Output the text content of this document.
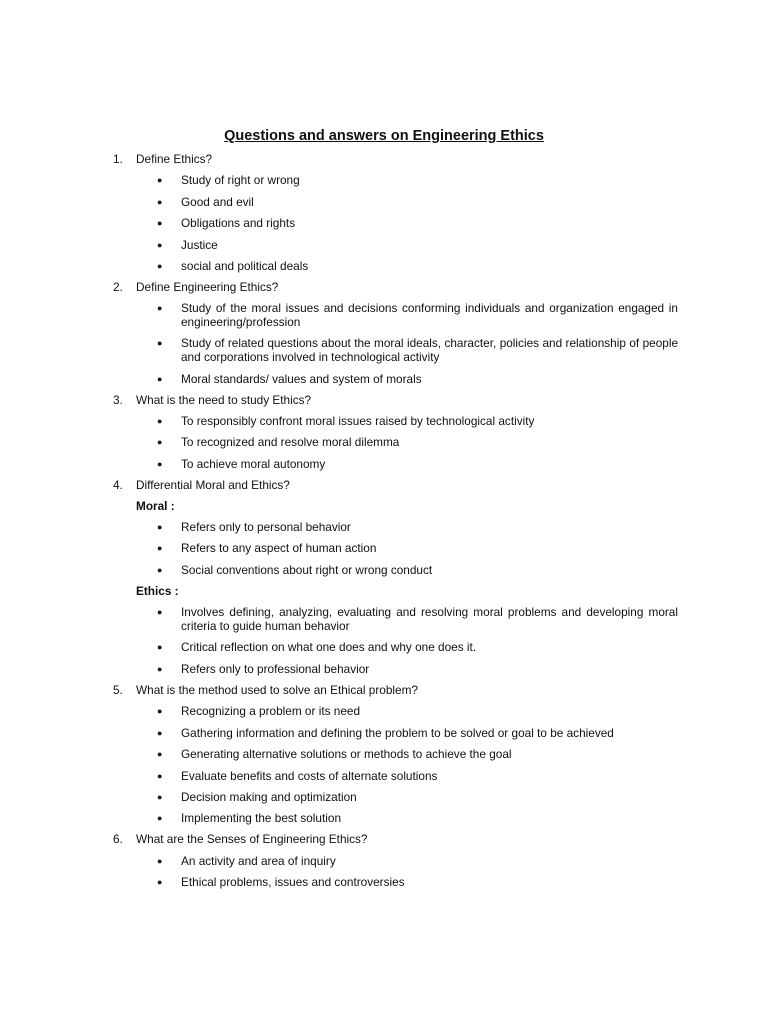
Questions and answers on Engineering Ethics
1.	Define Ethics?
● Study of right or wrong
● Good and evil
● Obligations and rights
● Justice
● social and political deals
2.	Define Engineering Ethics?
● Study of the moral issues and decisions conforming individuals and organization engaged in engineering/profession
● Study of related questions about the moral ideals, character, policies and relationship of people and corporations involved in technological activity
● Moral standards/ values and system of morals
3.	What is the need to study Ethics?
● To responsibly confront moral issues raised by technological activity
● To recognized and resolve moral dilemma
● To achieve moral autonomy
4.	Differential Moral and Ethics?
Moral :
● Refers only to personal behavior
● Refers to any aspect of human action
● Social conventions about right or wrong conduct
Ethics :
● Involves defining, analyzing, evaluating and resolving moral problems and developing moral criteria to guide human behavior
● Critical reflection on what one does and why one does it.
● Refers only to professional behavior
5.	What is the method used to solve an Ethical problem?
● Recognizing a problem or its need
● Gathering information and defining the problem to be solved or goal to be achieved
● Generating alternative solutions or methods to achieve the goal
● Evaluate benefits and costs of alternate solutions
● Decision making and optimization
● Implementing the best solution
6.	What are the Senses of Engineering Ethics?
● An activity and area of inquiry
● Ethical problems, issues and controversies
